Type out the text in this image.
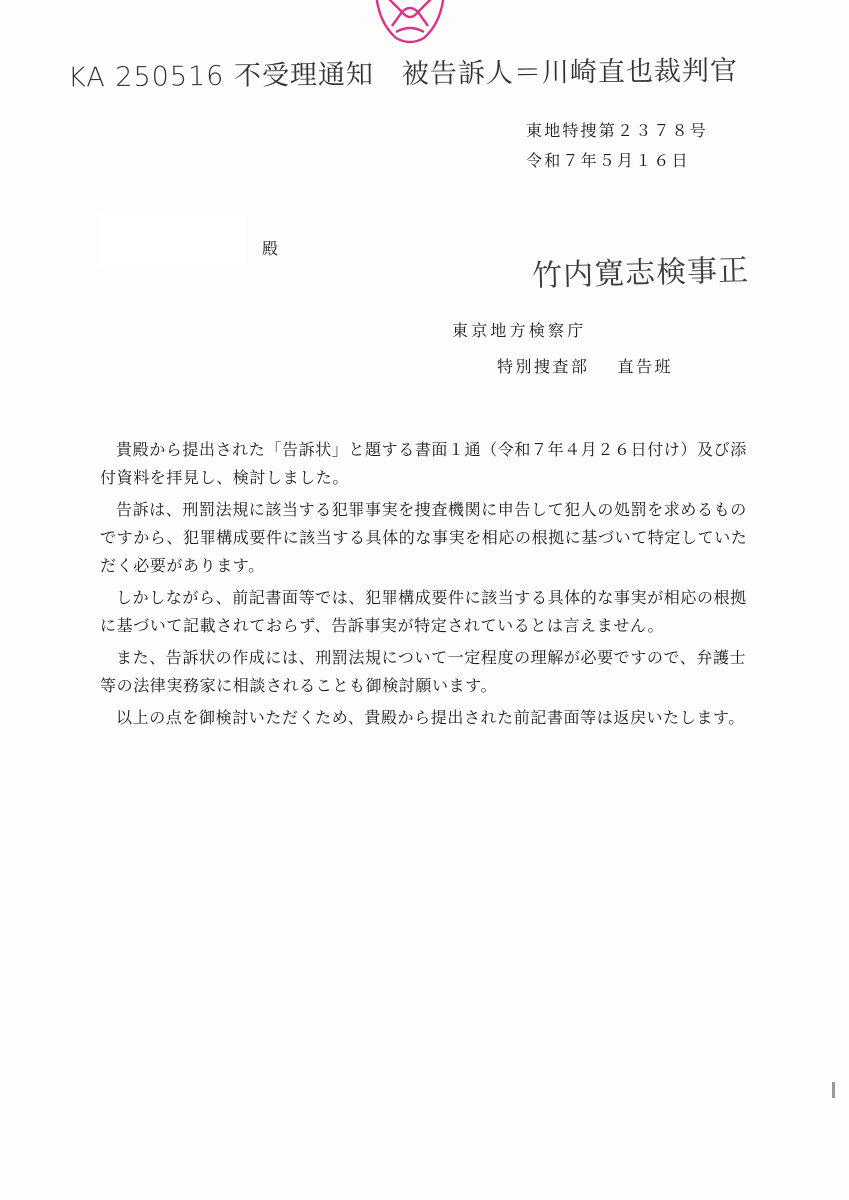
KA 250516 不受理通知　被告訴人＝川崎直也裁判官
東地特捜第２３７８号
令和７年５月１６日
殿
竹内寛志検事正
東京地方検察庁
特別捜査部 直告班

貴殿から提出された「告訴状」と題する書面１通（令和７年４月２６日付け）及び添付資料を拝見し、検討しました。

告訴は、刑罰法規に該当する犯罪事実を捜査機関に申告して犯人の処罰を求めるものですから、犯罪構成要件に該当する具体的な事実を相応の根拠に基づいて特定していただく必要があります。

しかしながら、前記書面等では、犯罪構成要件に該当する具体的な事実が相応の根拠に基づいて記載されておらず、告訴事実が特定されているとは言えません。

また、告訴状の作成には、刑罰法規について一定程度の理解が必要ですので、弁護士等の法律実務家に相談されることも御検討願います。

以上の点を御検討いただくため、貴殿から提出された前記書面等は返戻いたします。
